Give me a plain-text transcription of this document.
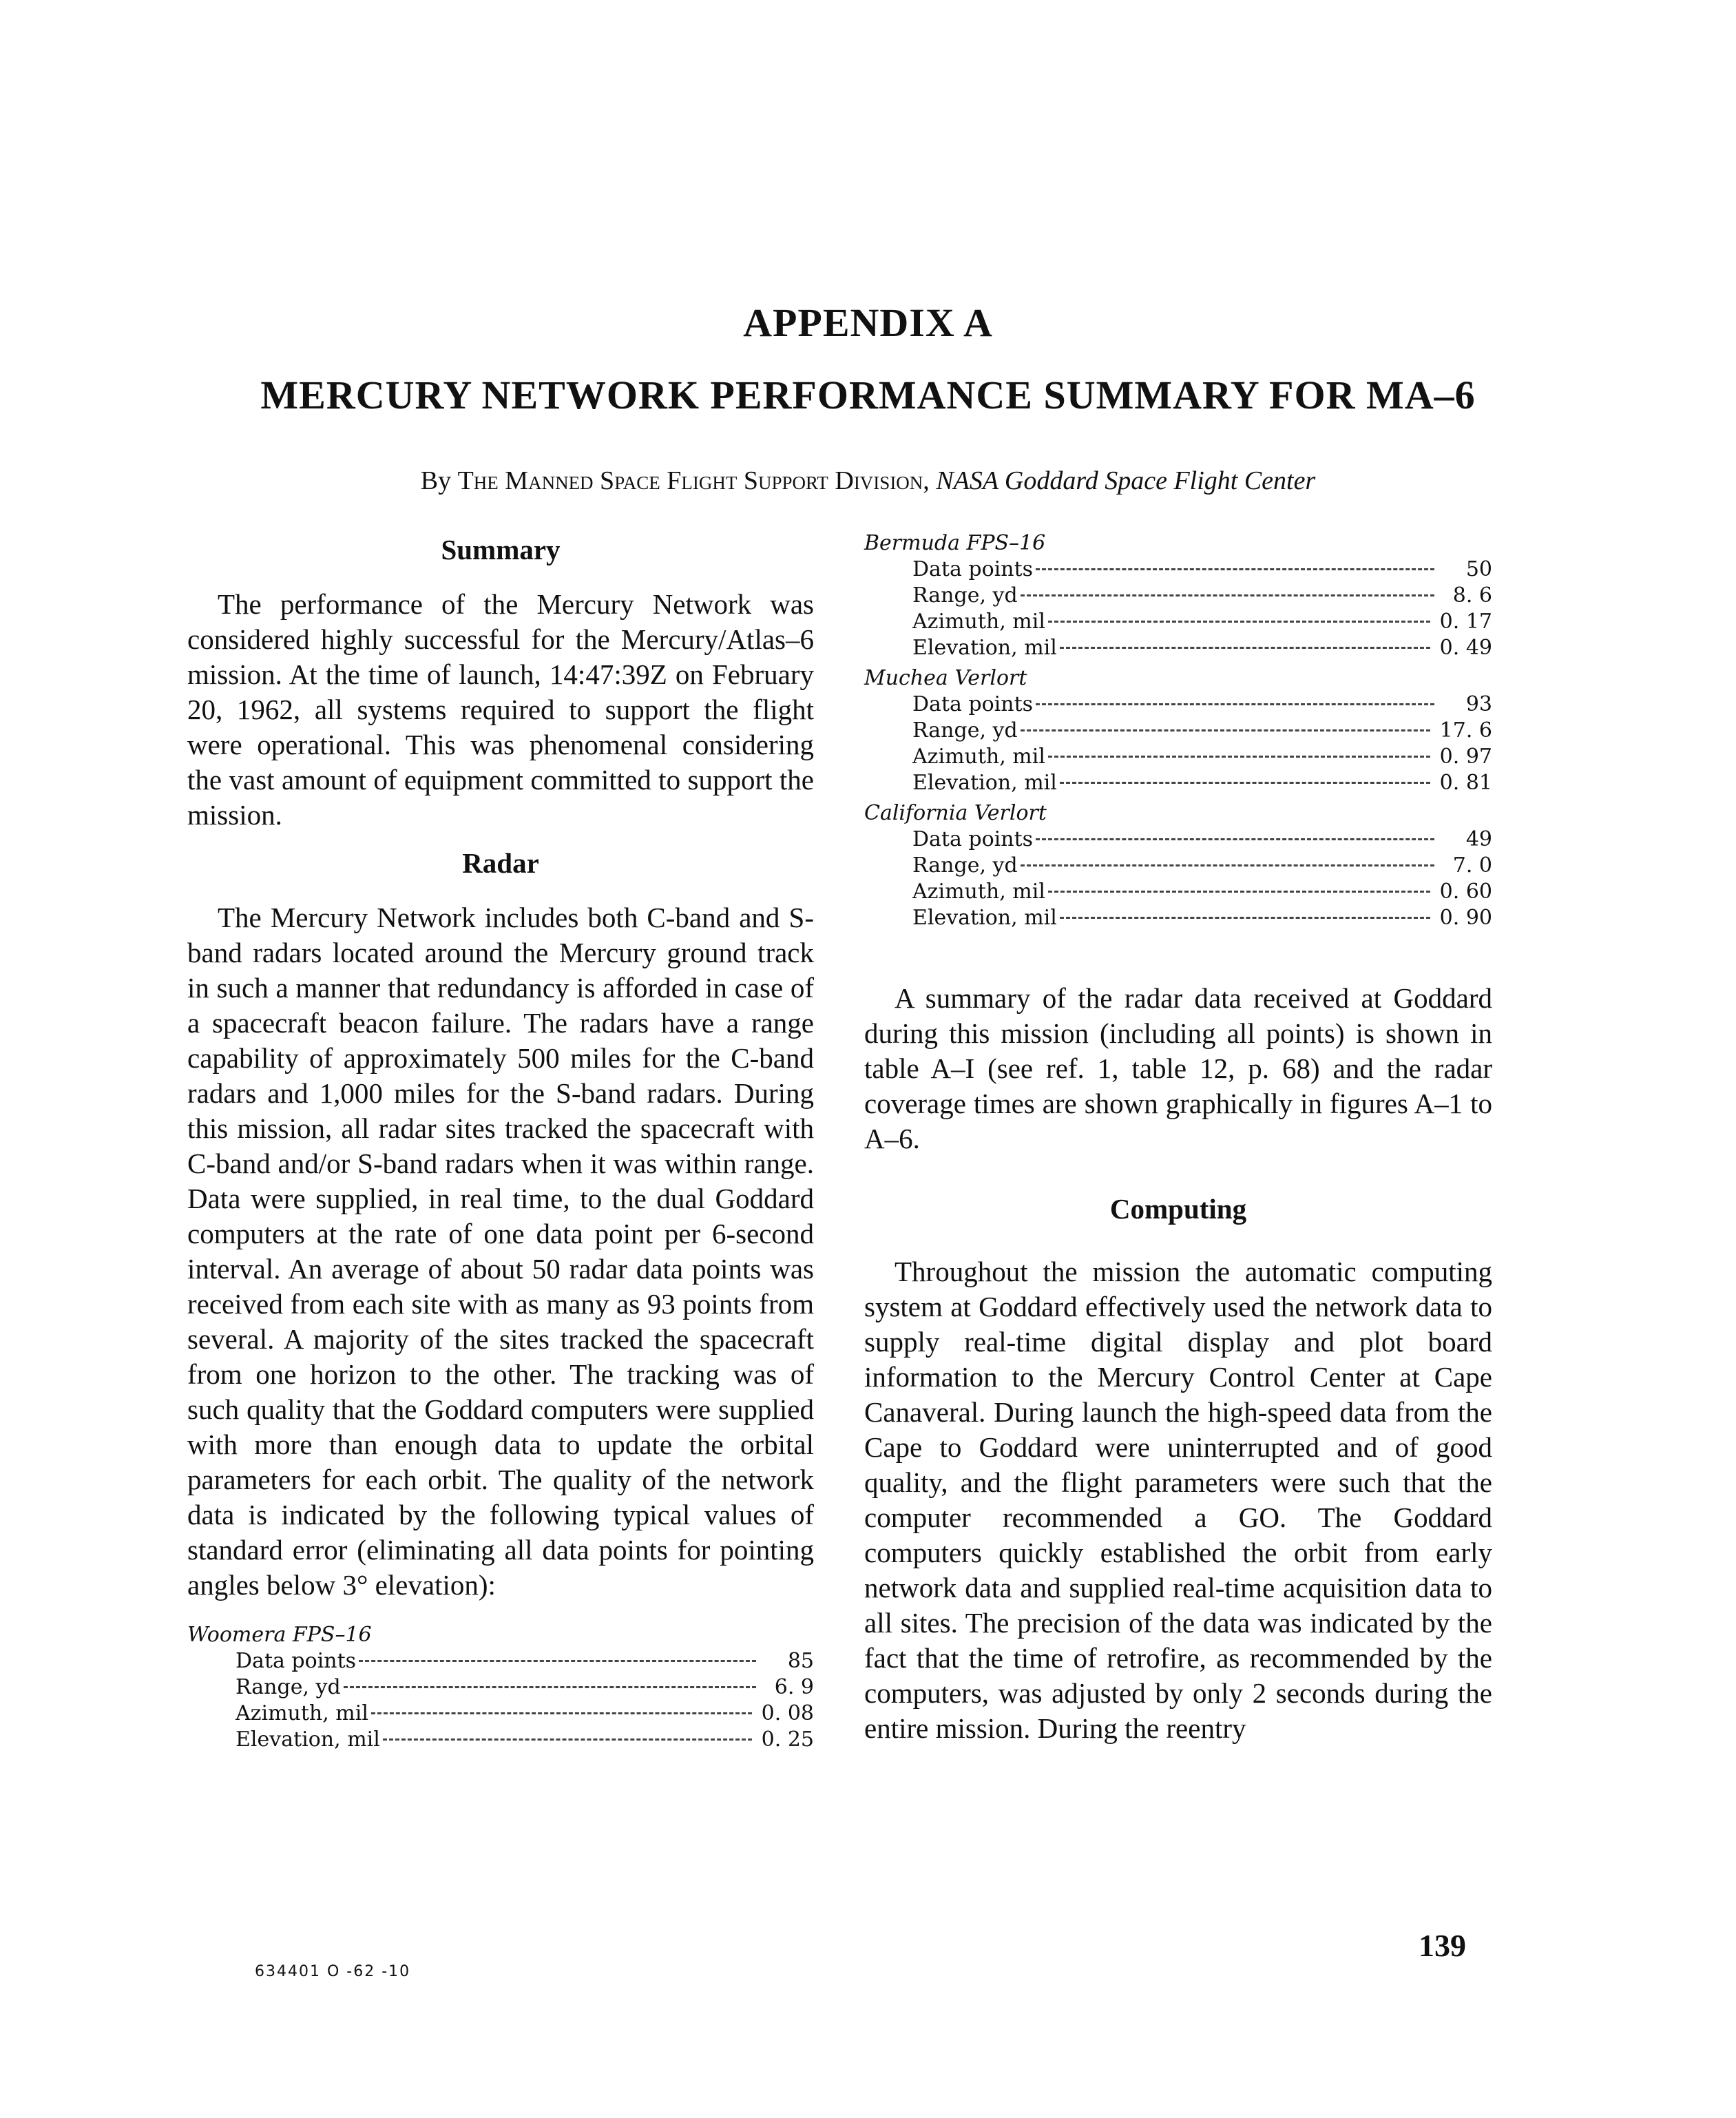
APPENDIX A
MERCURY NETWORK PERFORMANCE SUMMARY FOR MA–6
By The Manned Space Flight Support Division, NASA Goddard Space Flight Center
Summary

The performance of the Mercury Network was considered highly successful for the Mercury/Atlas–6 mission. At the time of launch, 14:47:39Z on February 20, 1962, all systems required to support the flight were operational. This was phenomenal considering the vast amount of equipment committed to support the mission.

Radar

The Mercury Network includes both C-band and S-band radars located around the Mercury ground track in such a manner that redundancy is afforded in case of a spacecraft beacon failure. The radars have a range capability of approximately 500 miles for the C-band radars and 1,000 miles for the S-band radars. During this mission, all radar sites tracked the spacecraft with C-band and/or S-band radars when it was within range. Data were supplied, in real time, to the dual Goddard computers at the rate of one data point per 6-second interval. An average of about 50 radar data points was received from each site with as many as 93 points from several. A majority of the sites tracked the spacecraft from one horizon to the other. The tracking was of such quality that the Goddard computers were supplied with more than enough data to update the orbital parameters for each orbit. The quality of the network data is indicated by the following typical values of standard error (eliminating all data points for pointing angles below 3° elevation):

Woomera FPS–16
Data points	85
Range, yd	6. 9
Azimuth, mil	0. 08
Elevation, mil	0. 25
Bermuda FPS–16
Data points	50
Range, yd	8. 6
Azimuth, mil	0. 17
Elevation, mil	0. 49
Muchea Verlort
Data points	93
Range, yd	17. 6
Azimuth, mil	0. 97
Elevation, mil	0. 81
California Verlort
Data points	49
Range, yd	7. 0
Azimuth, mil	0. 60
Elevation, mil	0. 90

A summary of the radar data received at Goddard during this mission (including all points) is shown in table A–I (see ref. 1, table 12, p. 68) and the radar coverage times are shown graphically in figures A–1 to A–6.

Computing

Throughout the mission the automatic computing system at Goddard effectively used the network data to supply real-time digital display and plot board information to the Mercury Control Center at Cape Canaveral. During launch the high-speed data from the Cape to Goddard were uninterrupted and of good quality, and the flight parameters were such that the computer recommended a GO. The Goddard computers quickly established the orbit from early network data and supplied real-time acquisition data to all sites. The precision of the data was indicated by the fact that the time of retrofire, as recommended by the computers, was adjusted by only 2 seconds during the entire mission. During the reentry

634401 O -62 -10
139
